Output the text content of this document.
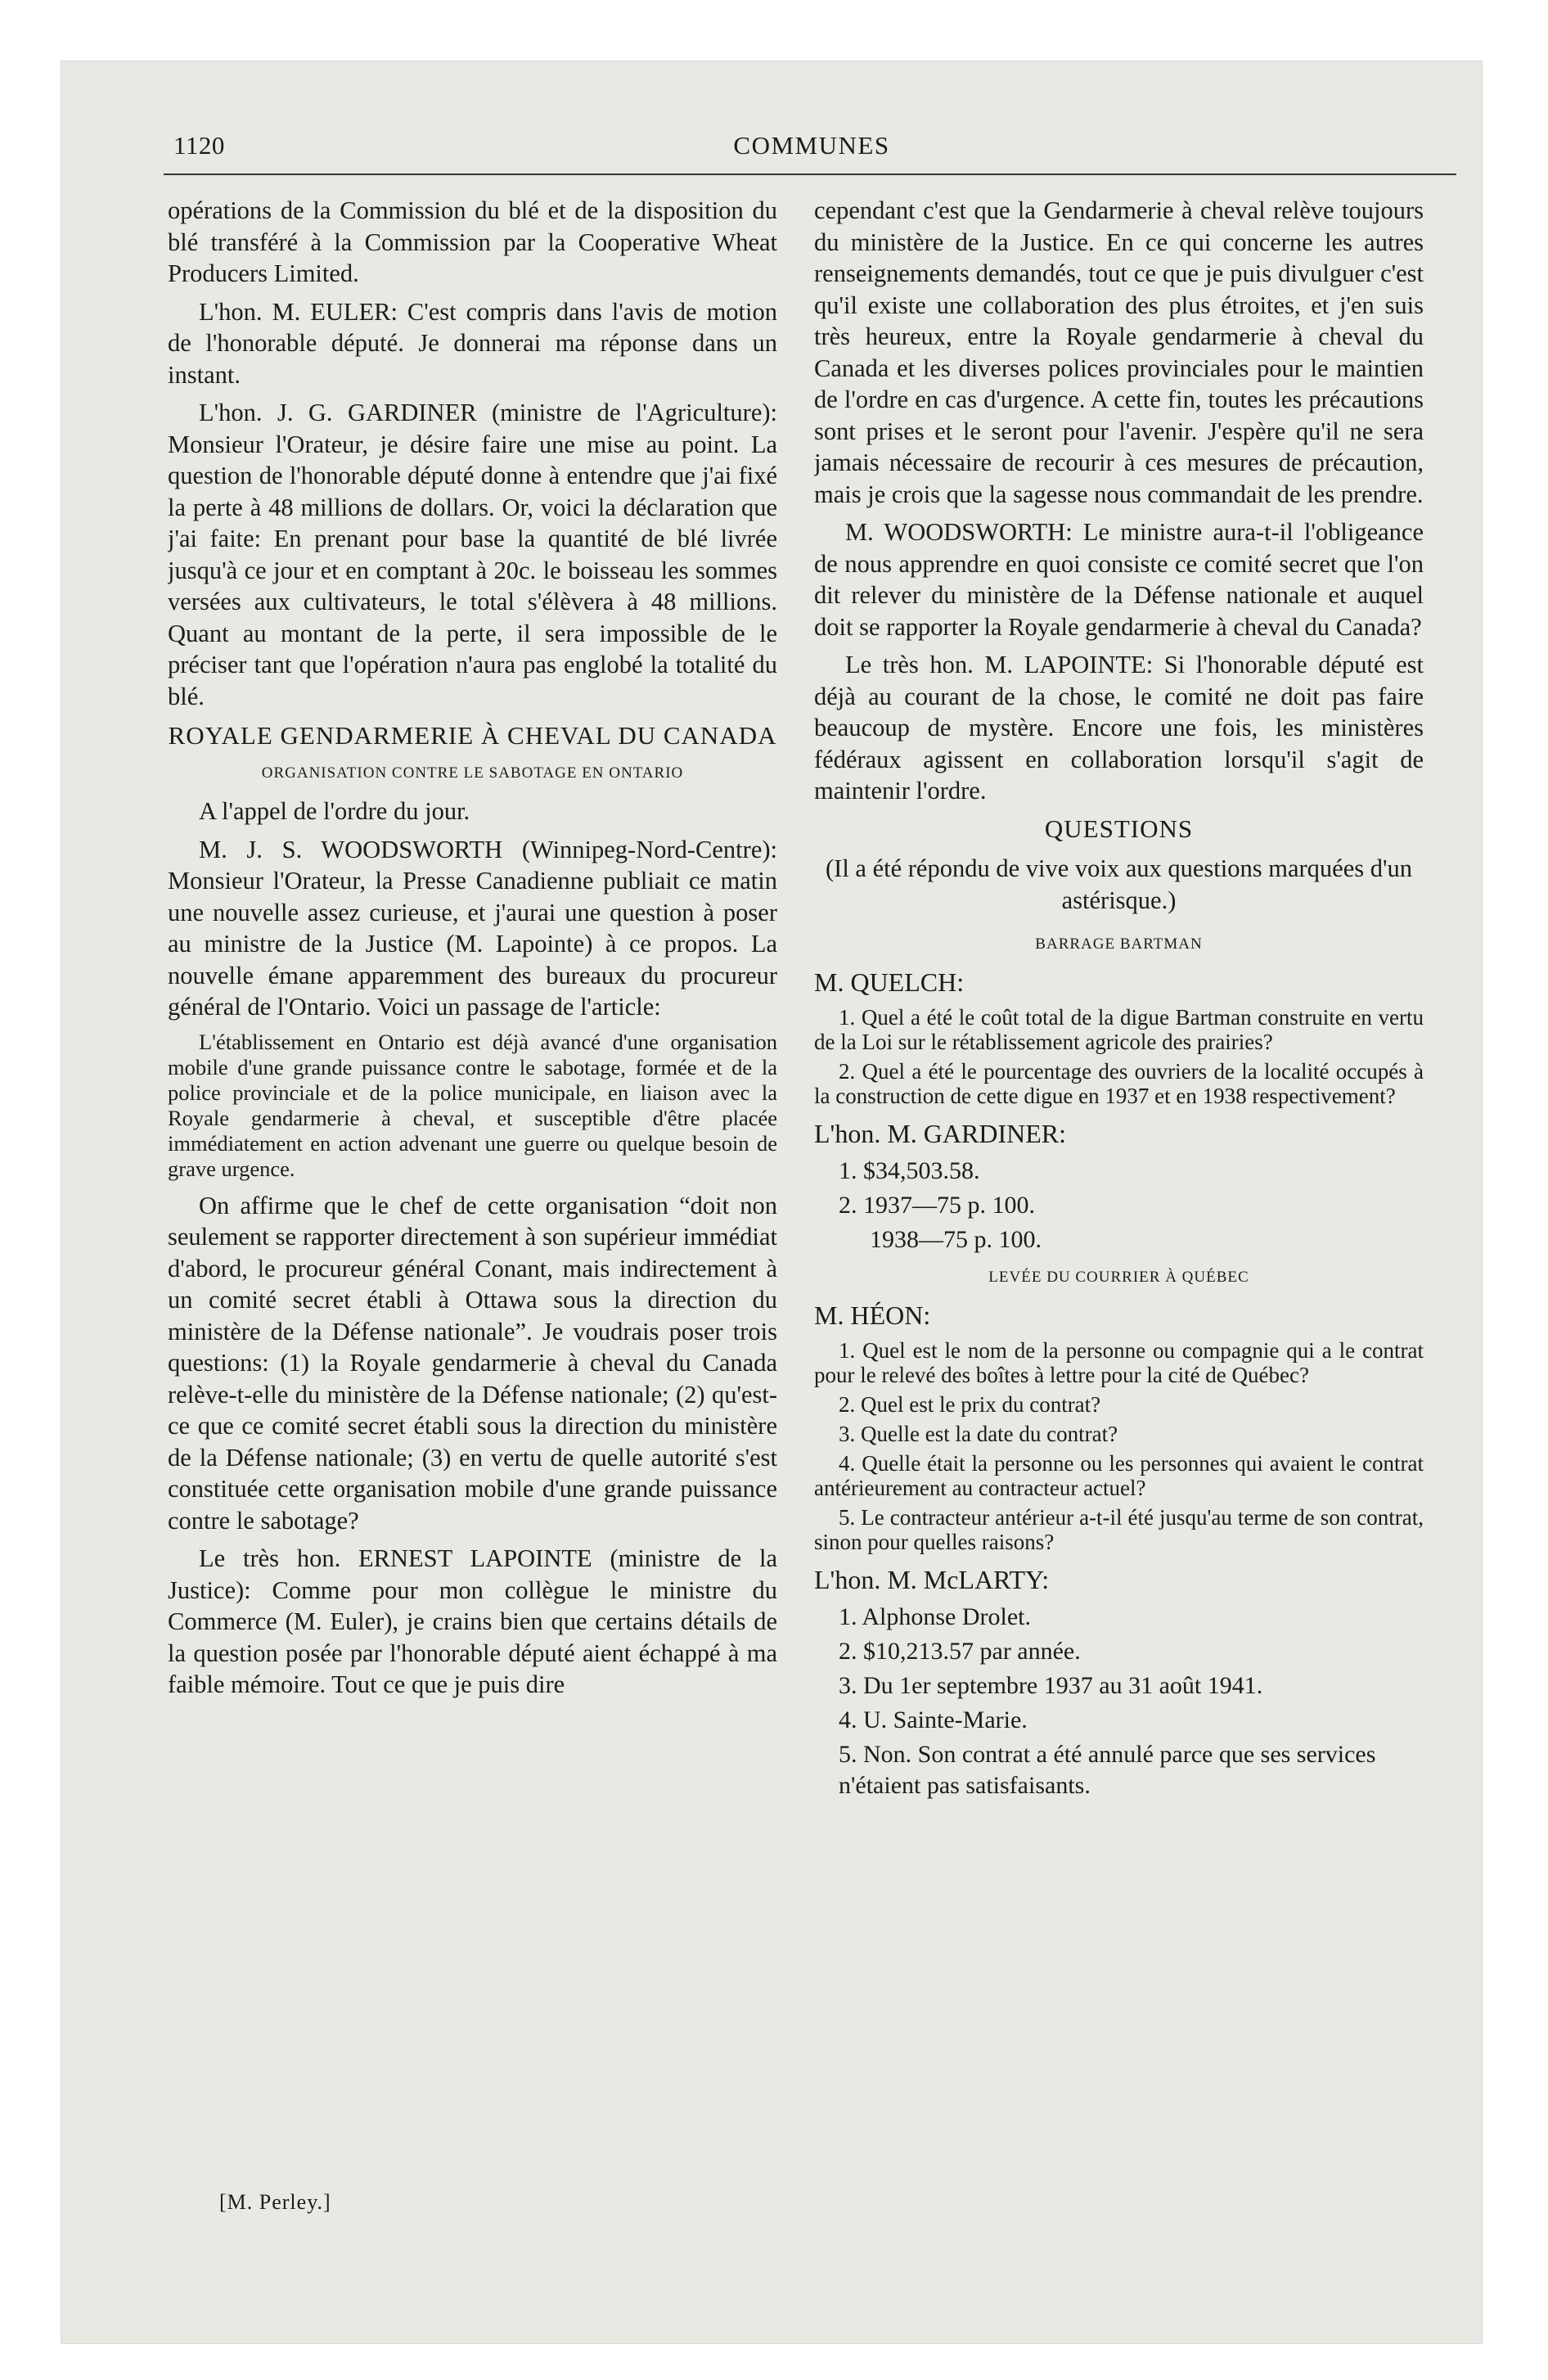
1120	COMMUNES

opérations de la Commission du blé et de la disposition du blé transféré à la Commission par la Cooperative Wheat Producers Limited.

L'hon. M. EULER: C'est compris dans l'avis de motion de l'honorable député. Je donnerai ma réponse dans un instant.

L'hon. J. G. GARDINER (ministre de l'Agriculture): Monsieur l'Orateur, je désire faire une mise au point. La question de l'honorable député donne à entendre que j'ai fixé la perte à 48 millions de dollars. Or, voici la déclaration que j'ai faite: En prenant pour base la quantité de blé livrée jusqu'à ce jour et en comptant à 20c. le boisseau les sommes versées aux cultivateurs, le total s'élèvera à 48 millions. Quant au montant de la perte, il sera impossible de le préciser tant que l'opération n'aura pas englobé la totalité du blé.

ROYALE GENDARMERIE À CHEVAL DU CANADA
ORGANISATION CONTRE LE SABOTAGE EN ONTARIO

A l'appel de l'ordre du jour.

M. J. S. WOODSWORTH (Winnipeg-Nord-Centre): Monsieur l'Orateur, la Presse Canadienne publiait ce matin une nouvelle assez curieuse, et j'aurai une question à poser au ministre de la Justice (M. Lapointe) à ce propos. La nouvelle émane apparemment des bureaux du procureur général de l'Ontario. Voici un passage de l'article:

L'établissement en Ontario est déjà avancé d'une organisation mobile d'une grande puissance contre le sabotage, formée et de la police provinciale et de la police municipale, en liaison avec la Royale gendarmerie à cheval, et susceptible d'être placée immédiatement en action advenant une guerre ou quelque besoin de grave urgence.

On affirme que le chef de cette organisation “doit non seulement se rapporter directement à son supérieur immédiat d'abord, le procureur général Conant, mais indirectement à un comité secret établi à Ottawa sous la direction du ministère de la Défense nationale”. Je voudrais poser trois questions: (1) la Royale gendarmerie à cheval du Canada relève-t-elle du ministère de la Défense nationale; (2) qu'est-ce que ce comité secret établi sous la direction du ministère de la Défense nationale; (3) en vertu de quelle autorité s'est constituée cette organisation mobile d'une grande puissance contre le sabotage?

Le très hon. ERNEST LAPOINTE (ministre de la Justice): Comme pour mon collègue le ministre du Commerce (M. Euler), je crains bien que certains détails de la question posée par l'honorable député aient échappé à ma faible mémoire. Tout ce que je puis dire

cependant c'est que la Gendarmerie à cheval relève toujours du ministère de la Justice. En ce qui concerne les autres renseignements demandés, tout ce que je puis divulguer c'est qu'il existe une collaboration des plus étroites, et j'en suis très heureux, entre la Royale gendarmerie à cheval du Canada et les diverses polices provinciales pour le maintien de l'ordre en cas d'urgence. A cette fin, toutes les précautions sont prises et le seront pour l'avenir. J'espère qu'il ne sera jamais nécessaire de recourir à ces mesures de précaution, mais je crois que la sagesse nous commandait de les prendre.

M. WOODSWORTH: Le ministre aura-t-il l'obligeance de nous apprendre en quoi consiste ce comité secret que l'on dit relever du ministère de la Défense nationale et auquel doit se rapporter la Royale gendarmerie à cheval du Canada?

Le très hon. M. LAPOINTE: Si l'honorable député est déjà au courant de la chose, le comité ne doit pas faire beaucoup de mystère. Encore une fois, les ministères fédéraux agissent en collaboration lorsqu'il s'agit de maintenir l'ordre.

QUESTIONS

(Il a été répondu de vive voix aux questions marquées d'un astérisque.)

BARRAGE BARTMAN

M. QUELCH:

1. Quel a été le coût total de la digue Bartman construite en vertu de la Loi sur le rétablissement agricole des prairies?
2. Quel a été le pourcentage des ouvriers de la localité occupés à la construction de cette digue en 1937 et en 1938 respectivement?

L'hon. M. GARDINER:

1. $34,503.58.
2. 1937—75 p. 100.
1938—75 p. 100.
LEVÉE DU COURRIER À QUÉBEC

M. HÉON:

1. Quel est le nom de la personne ou compagnie qui a le contrat pour le relevé des boîtes à lettre pour la cité de Québec?
2. Quel est le prix du contrat?
3. Quelle est la date du contrat?
4. Quelle était la personne ou les personnes qui avaient le contrat antérieurement au contracteur actuel?
5. Le contracteur antérieur a-t-il été jusqu'au terme de son contrat, sinon pour quelles raisons?

L'hon. M. McLARTY:

1. Alphonse Drolet.
2. $10,213.57 par année.
3. Du 1er septembre 1937 au 31 août 1941.
4. U. Sainte-Marie.
5. Non. Son contrat a été annulé parce que ses services n'étaient pas satisfaisants.
[M. Perley.]
